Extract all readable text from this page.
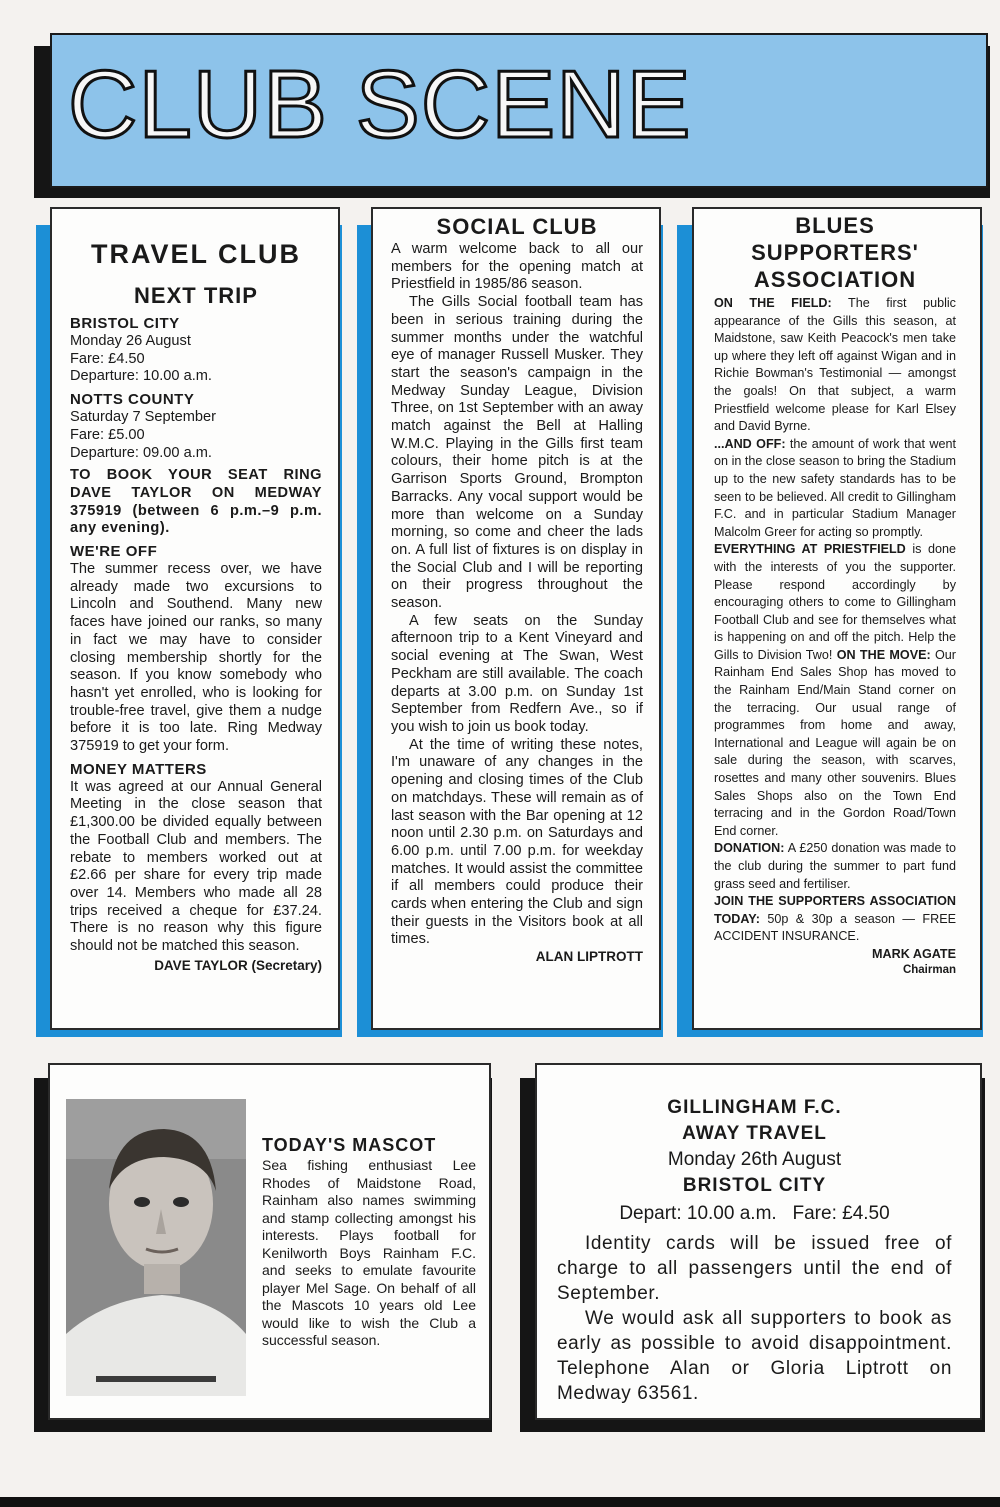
CLUB SCENE
TRAVEL CLUB
NEXT TRIP
BRISTOL CITY
Monday 26 August
Fare: £4.50
Departure: 10.00 a.m.
NOTTS COUNTY
Saturday 7 September
Fare: £5.00
Departure: 09.00 a.m.
TO BOOK YOUR SEAT RING DAVE TAYLOR ON MEDWAY 375919 (between 6 p.m.–9 p.m. any evening).
WE'RE OFF

The summer recess over, we have already made two excursions to Lincoln and Southend. Many new faces have joined our ranks, so many in fact we may have to consider closing membership shortly for the season. If you know somebody who hasn't yet enrolled, who is looking for trouble-free travel, give them a nudge before it is too late. Ring Medway 375919 to get your form.

MONEY MATTERS

It was agreed at our Annual General Meeting in the close season that £1,300.00 be divided equally between the Football Club and members. The rebate to members worked out at £2.66 per share for every trip made over 14. Members who made all 28 trips received a cheque for £37.24. There is no reason why this figure should not be matched this season.

DAVE TAYLOR (Secretary)
SOCIAL CLUB

A warm welcome back to all our members for the opening match at Priestfield in 1985/86 season.

The Gills Social football team has been in serious training during the summer months under the watchful eye of manager Russell Musker. They start the season's campaign in the Medway Sunday League, Division Three, on 1st September with an away match against the Bell at Halling W.M.C. Playing in the Gills first team colours, their home pitch is at the Garrison Sports Ground, Brompton Barracks. Any vocal support would be more than welcome on a Sunday morning, so come and cheer the lads on. A full list of fixtures is on display in the Social Club and I will be reporting on their progress throughout the season.

A few seats on the Sunday afternoon trip to a Kent Vineyard and social evening at The Swan, West Peckham are still available. The coach departs at 3.00 p.m. on Sunday 1st September from Redfern Ave., so if you wish to join us book today.

At the time of writing these notes, I'm unaware of any changes in the opening and closing times of the Club on matchdays. These will remain as of last season with the Bar opening at 12 noon until 2.30 p.m. on Saturdays and 6.00 p.m. until 7.00 p.m. for weekday matches. It would assist the committee if all members could produce their cards when entering the Club and sign their guests in the Visitors book at all times.

ALAN LIPTROTT
BLUES
SUPPORTERS'
ASSOCIATION

ON THE FIELD: The first public appearance of the Gills this season, at Maidstone, saw Keith Peacock's men take up where they left off against Wigan and in Richie Bowman's Testimonial — amongst the goals! On that subject, a warm Priestfield welcome please for Karl Elsey and David Byrne.

...AND OFF: the amount of work that went on in the close season to bring the Stadium up to the new safety standards has to be seen to be believed. All credit to Gillingham F.C. and in particular Stadium Manager Malcolm Greer for acting so promptly.

EVERYTHING AT PRIESTFIELD is done with the interests of you the supporter. Please respond accordingly by encouraging others to come to Gillingham Football Club and see for themselves what is happening on and off the pitch. Help the Gills to Division Two! ON THE MOVE: Our Rainham End Sales Shop has moved to the Rainham End/Main Stand corner on the terracing. Our usual range of programmes from home and away, International and League will again be on sale during the season, with scarves, rosettes and many other souvenirs. Blues Sales Shops also on the Town End terracing and in the Gordon Road/Town End corner.

DONATION: A £250 donation was made to the club during the summer to part fund grass seed and fertiliser.

JOIN THE SUPPORTERS ASSOCIATION TODAY: 50p & 30p a season — FREE ACCIDENT INSURANCE.

MARK AGATE
Chairman
TODAY'S MASCOT

Sea fishing enthusiast Lee Rhodes of Maidstone Road, Rainham also names swimming and stamp collecting amongst his interests. Plays football for Kenilworth Boys Rainham F.C. and seeks to emulate favourite player Mel Sage. On behalf of all the Mascots 10 years old Lee would like to wish the Club a successful season.

GILLINGHAM F.C.
AWAY TRAVEL
Monday 26th August
BRISTOL CITY
Depart: 10.00 a.m.   Fare: £4.50

Identity cards will be issued free of charge to all passengers until the end of September.

We would ask all supporters to book as early as possible to avoid disappointment. Telephone Alan or Gloria Liptrott on Medway 63561.
